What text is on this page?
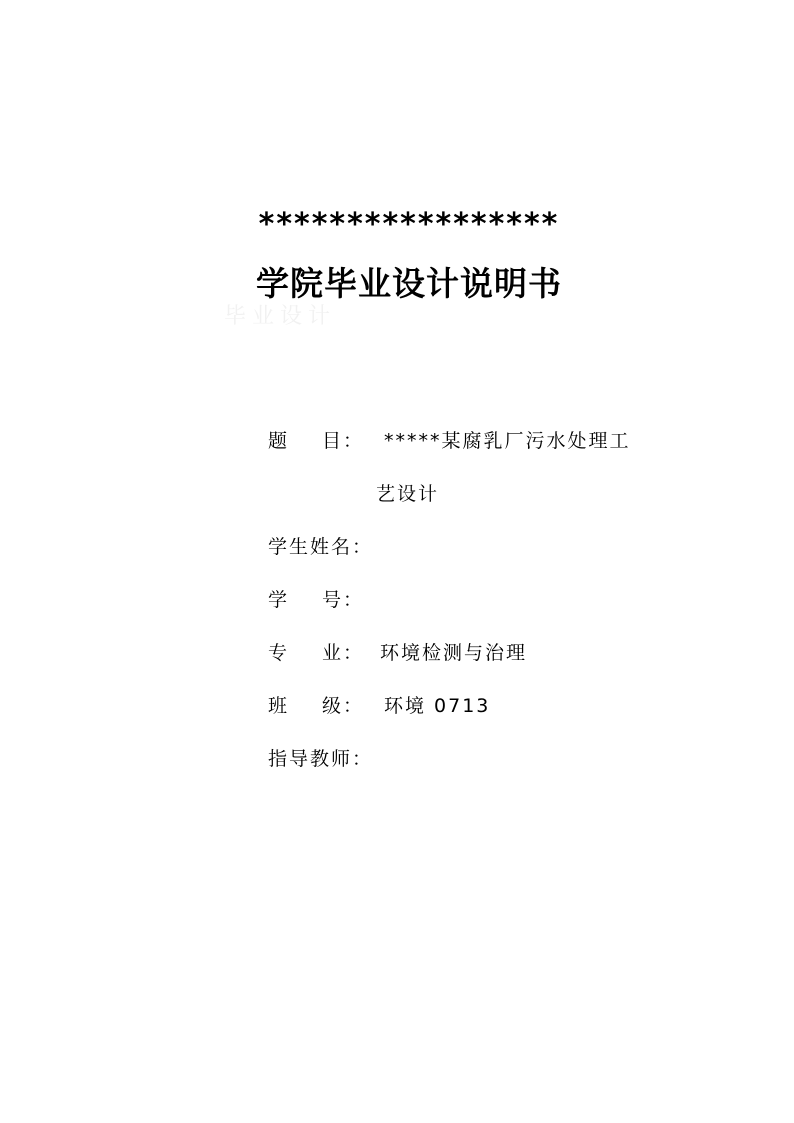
*****************
学院毕业设计说明书
毕业设计
题 目： *****某腐乳厂污水处理工
艺设计
学生姓名：
学 号：
专 业： 环境检测与治理
班 级： 环境 0713
指导教师：
